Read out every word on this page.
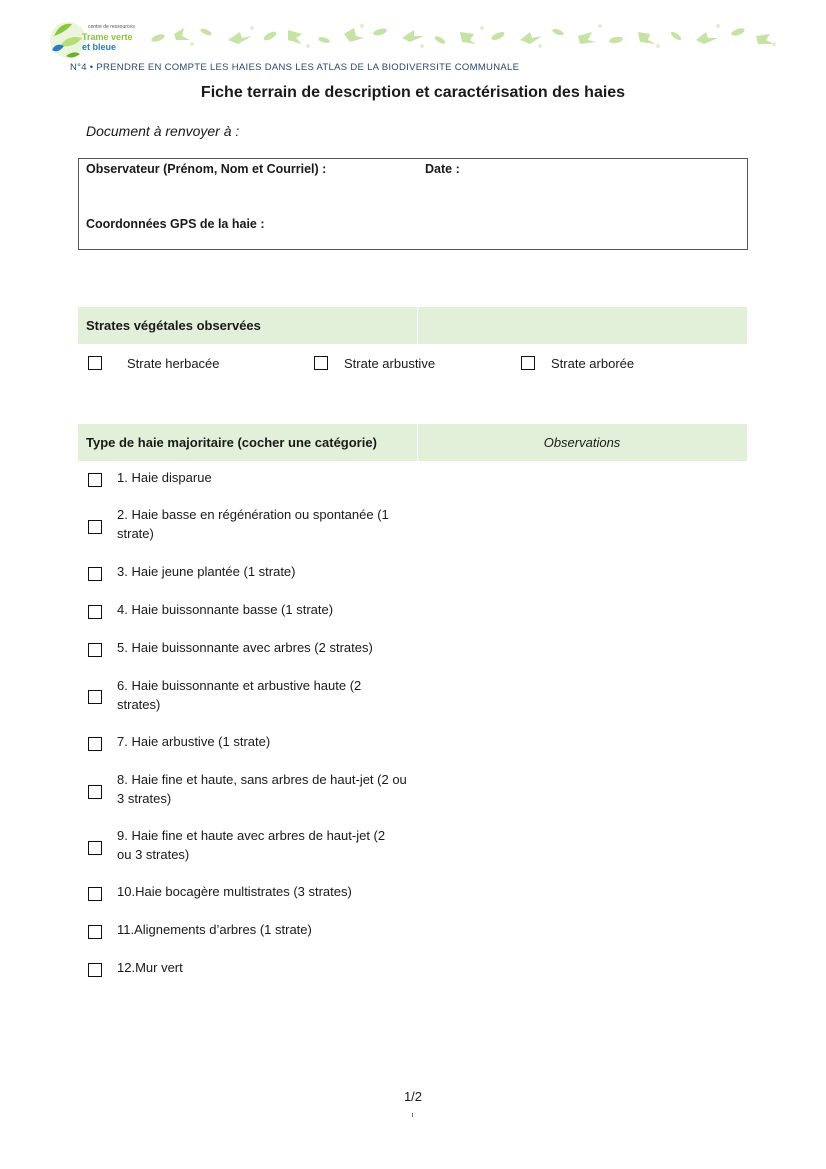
centre de ressources
Trame verte
et bleue
N°4 • PRENDRE EN COMPTE LES HAIES DANS LES ATLAS DE LA BIODIVERSITE COMMUNALE
Fiche terrain de description et caractérisation des haies
Document à renvoyer à :
Observateur (Prénom, Nom et Courriel) :	Date :
Coordonnées GPS de la haie :
Strates végétales observées
Strate herbacée	Strate arbustive	Strate arborée
Type de haie majoritaire (cocher une catégorie)	Observations
1. Haie disparue
2. Haie basse en régénération ou spontanée (1 strate)
3. Haie jeune plantée (1 strate)
4. Haie buissonnante basse (1 strate)
5. Haie buissonnante avec arbres (2 strates)
6. Haie buissonnante et arbustive haute (2 strates)
7. Haie arbustive (1 strate)
8. Haie fine et haute, sans arbres de haut-jet (2 ou 3 strates)
9. Haie fine et haute avec arbres de haut-jet (2 ou 3 strates)
10.Haie bocagère multistrates (3 strates)
11.Alignements d’arbres (1 strate)
12.Mur vert
1/2
